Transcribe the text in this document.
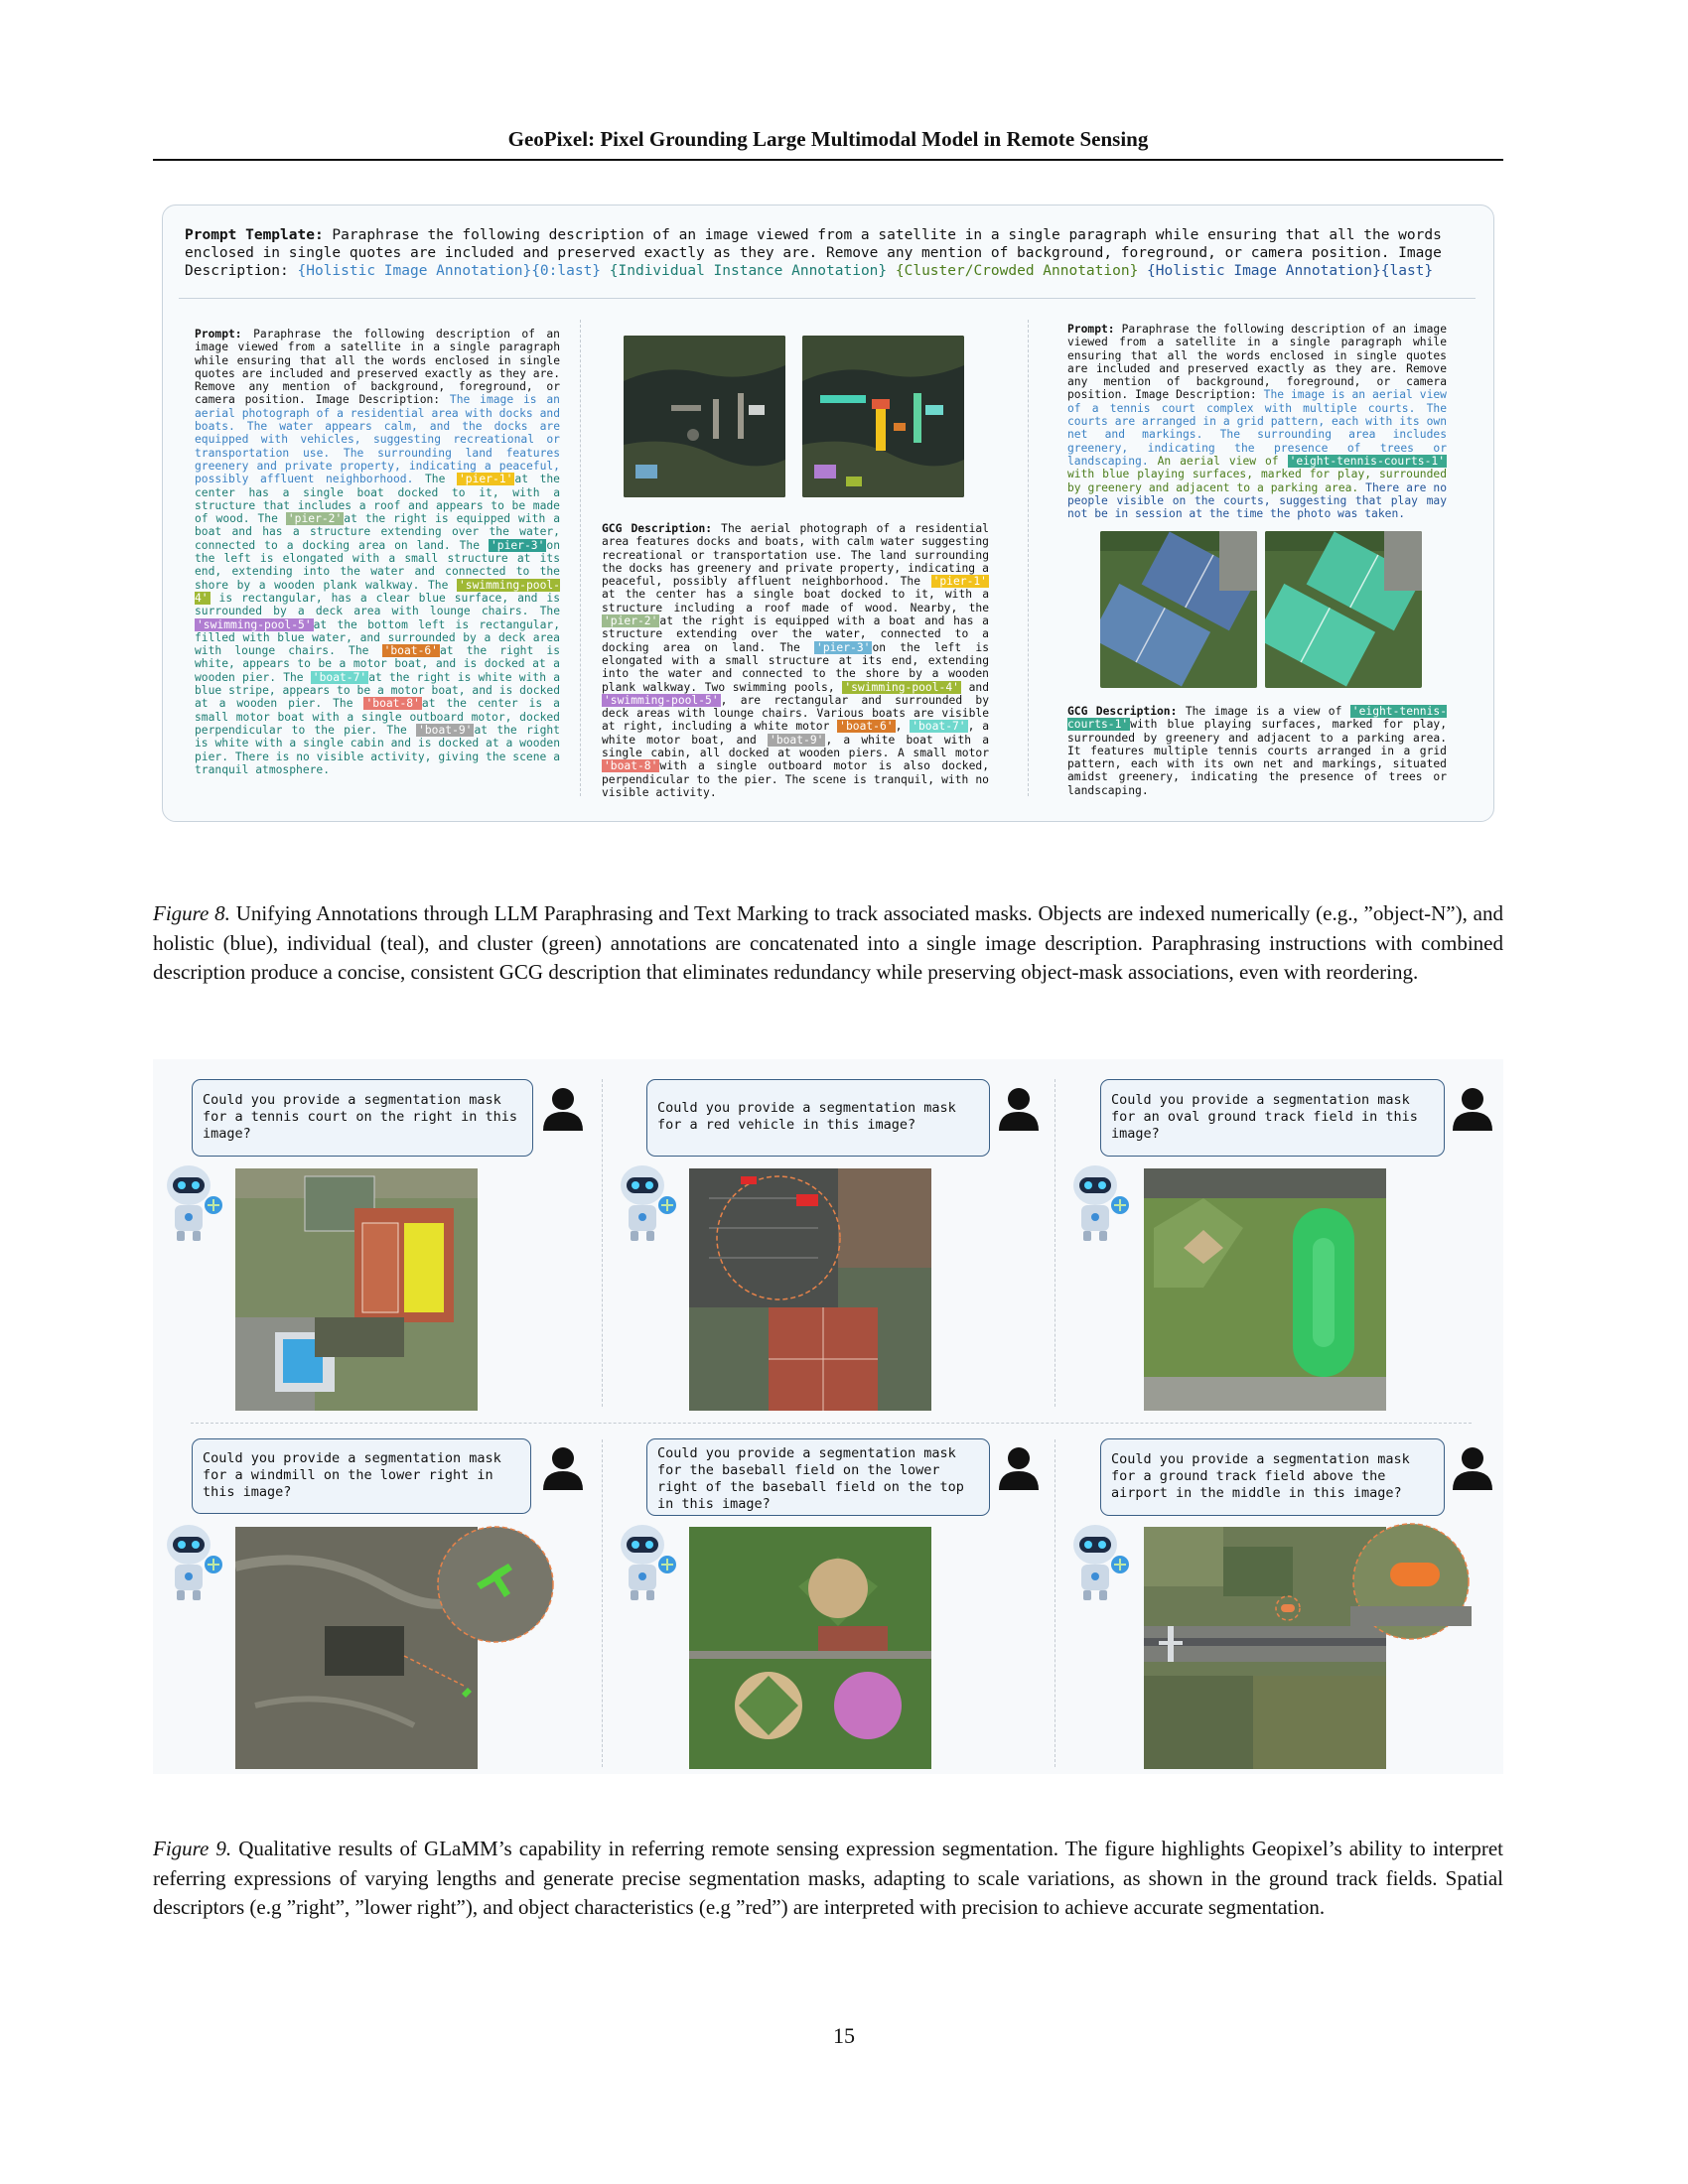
GeoPixel: Pixel Grounding Large Multimodal Model in Remote Sensing
Prompt Template: Paraphrase the following description of an image viewed from a satellite in a single paragraph while ensuring that all the words enclosed in single quotes are included and preserved exactly as they are. Remove any mention of background, foreground, or camera position. Image Description: {Holistic Image Annotation}{0:last} {Individual Instance Annotation} {Cluster/Crowded Annotation} {Holistic Image Annotation}{last}
Prompt: Paraphrase the following description of an image viewed from a satellite in a single paragraph while ensuring that all the words enclosed in single quotes are included and preserved exactly as they are. Remove any mention of background, foreground, or camera position. Image Description: The image is an aerial photograph of a residential area with docks and boats. The water appears calm, and the docks are equipped with vehicles, suggesting recreational or transportation use. The surrounding land features greenery and private property, indicating a peaceful, possibly affluent neighborhood. The 'pier-1' at the center has a single boat docked to it, with a structure that includes a roof and appears to be made of wood. The 'pier-2' at the right is equipped with a boat and has a structure extending over the water, connected to a docking area on land. The 'pier-3' on the left is elongated with a small structure at its end, extending into the water and connected to the shore by a wooden plank walkway. The 'swimming-pool-4' is rectangular, has a clear blue surface, and is surrounded by a deck area with lounge chairs. The 'swimming-pool-5' at the bottom left is rectangular, filled with blue water, and surrounded by a deck area with lounge chairs. The 'boat-6' at the right is white, appears to be a motor boat, and is docked at a wooden pier. The 'boat-7' at the right is white with a blue stripe, appears to be a motor boat, and is docked at a wooden pier. The 'boat-8' at the center is a small motor boat with a single outboard motor, docked perpendicular to the pier. The 'boat-9' at the right is white with a single cabin and is docked at a wooden pier. There is no visible activity, giving the scene a tranquil atmosphere.
GCG Description: The aerial photograph of a residential area features docks and boats, with calm water suggesting recreational or transportation use. The land surrounding the docks has greenery and private property, indicating a peaceful, possibly affluent neighborhood. The 'pier-1' at the center has a single boat docked to it, with a structure including a roof made of wood. Nearby, the 'pier-2' at the right is equipped with a boat and has a structure extending over the water, connected to a docking area on land. The 'pier-3' on the left is elongated with a small structure at its end, extending into the water and connected to the shore by a wooden plank walkway. Two swimming pools, 'swimming-pool-4' and 'swimming-pool-5' , are rectangular and surrounded by deck areas with lounge chairs. Various boats are visible at right, including a white motor 'boat-6' , 'boat-7' , a white motor boat, and 'boat-9' , a white boat with a single cabin, all docked at wooden piers. A small motor 'boat-8' with a single outboard motor is also docked, perpendicular to the pier. The scene is tranquil, with no visible activity.
Prompt: Paraphrase the following description of an image viewed from a satellite in a single paragraph while ensuring that all the words enclosed in single quotes are included and preserved exactly as they are. Remove any mention of background, foreground, or camera position. Image Description: The image is an aerial view of a tennis court complex with multiple courts. The courts are arranged in a grid pattern, each with its own net and markings. The surrounding area includes greenery, indicating the presence of trees or landscaping. An aerial view of 'eight-tennis-courts-1' with blue playing surfaces, marked for play, surrounded by greenery and adjacent to a parking area. There are no people visible on the courts, suggesting that play may not be in session at the time the photo was taken.
GCG Description: The image is a view of 'eight-tennis-courts-1' with blue playing surfaces, marked for play, surrounded by greenery and adjacent to a parking area. It features multiple tennis courts arranged in a grid pattern, each with its own net and markings, situated amidst greenery, indicating the presence of trees or landscaping.
Figure 8. Unifying Annotations through LLM Paraphrasing and Text Marking to track associated masks. Objects are indexed numerically (e.g., ”object-N”), and holistic (blue), individual (teal), and cluster (green) annotations are concatenated into a single image description. Paraphrasing instructions with combined description produce a concise, consistent GCG description that eliminates redundancy while preserving object-mask associations, even with reordering.
Could you provide a segmentation mask for a tennis court on the right in this image?
Could you provide a segmentation mask for a red vehicle in this image?
Could you provide a segmentation mask for an oval ground track field in this image?
Could you provide a segmentation mask for a windmill on the lower right in this image?
Could you provide a segmentation mask for the baseball field on the lower right of the baseball field on the top in this image?
Could you provide a segmentation mask for a ground track field above the airport in the middle in this image?
Figure 9. Qualitative results of GLaMM’s capability in referring remote sensing expression segmentation. The figure highlights Geopixel’s ability to interpret referring expressions of varying lengths and generate precise segmentation masks, adapting to scale variations, as shown in the ground track fields. Spatial descriptors (e.g ”right”, ”lower right”), and object characteristics (e.g ”red”) are interpreted with precision to achieve accurate segmentation.
15
